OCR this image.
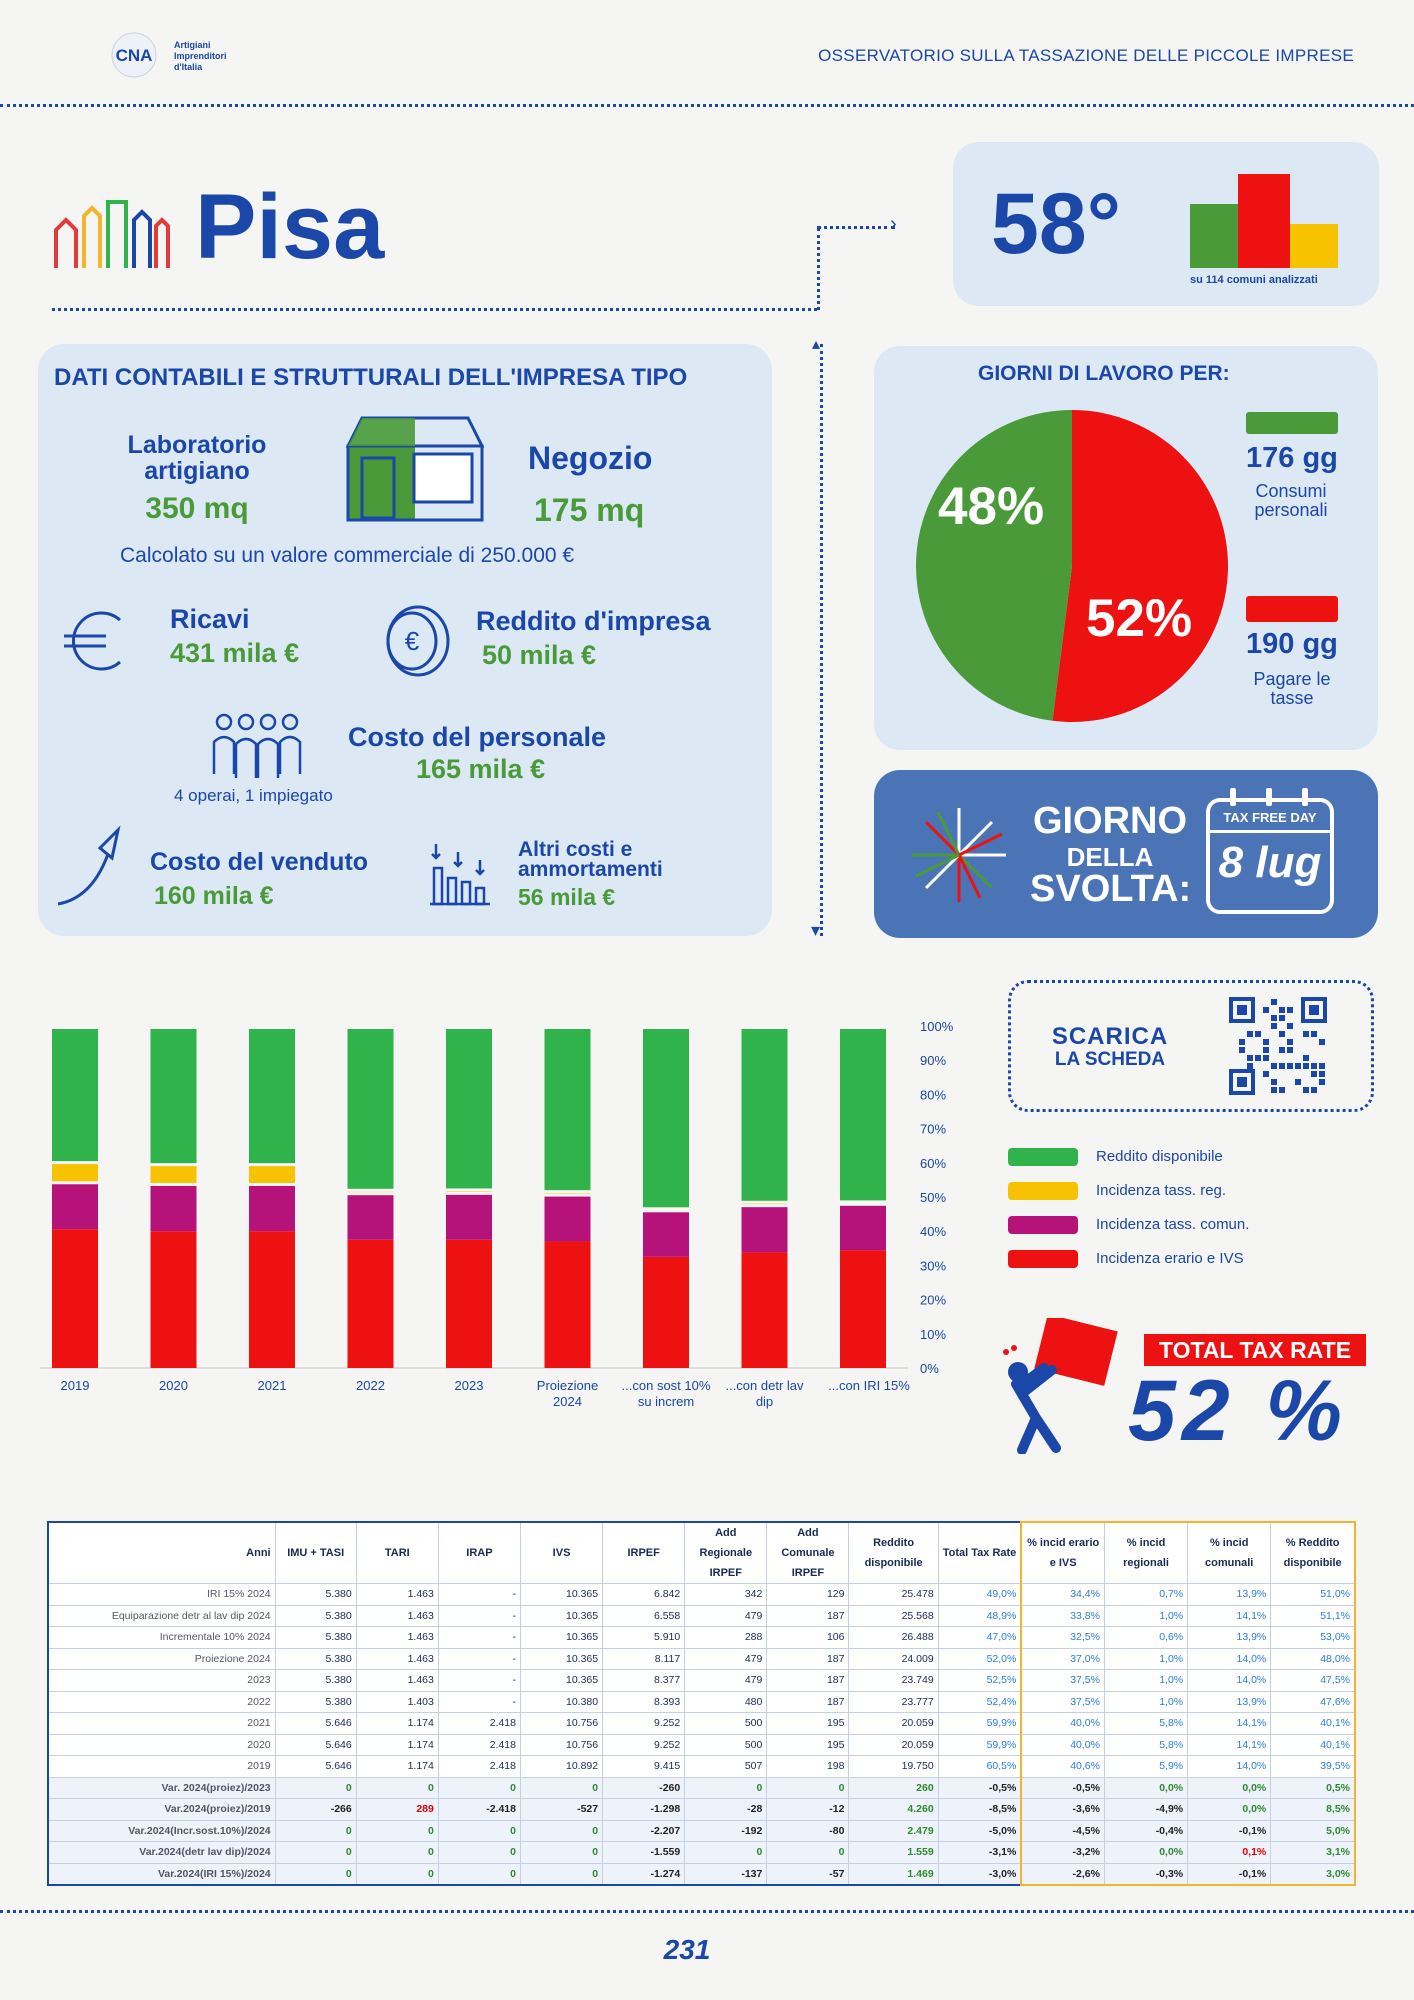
CNA
Artigiani
Imprenditori
d'Italia
OSSERVATORIO SULLA TASSAZIONE DELLE PICCOLE IMPRESE
Pisa	› 58°
su 114 comuni analizzati
▾
▴
DATI CONTABILI E STRUTTURALI DELL'IMPRESA TIPO
Laboratorio artigiano
350 mq
Negozio
175 mq
Calcolato su un valore commerciale di 250.000 €
Ricavi
431 mila €	€
Reddito d'impresa
50 mila €
4 operai, 1 impiegato
Costo del personale
165 mila €
Costo del venduto
160 mila €
Altri costi e ammortamenti
56 mila €
GIORNI DI LAVORO PER:
48%
52%
176 gg
Consumi personali
190 gg
Pagare le tasse
GIORNO
DELLA
SVOLTA:
TAX FREE DAY
8 lug
2019	2020	2021	2022	2023	Proiezione
2024
...con sost 10%
su increm
...con detr lav
dip
...con IRI 15%
100%
90%
80%
70%
60%
50%
40%
30%
20%
10%
0%
SCARICA
LA SCHEDA
Reddito disponibile
Incidenza tass. reg.
Incidenza tass. comun.
Incidenza erario e IVS
TOTAL TAX RATE
52 %
Anni	IMU + TASI	TARI	IRAP	IVS	IRPEF	Add Regionale IRPEF	Add Comunale IRPEF	Reddito disponibile	Total Tax Rate	% incid erario e IVS	% incid regionali	% incid comunali	% Reddito disponibile
IRI 15% 2024	5.380	1.463	-	10.365	6.842	342	129	25.478	49,0%	34,4%	0,7%	13,9%	51,0%
Equiparazione detr al lav dip 2024	5.380	1.463	-	10.365	6.558	479	187	25.568	48,9%	33,8%	1,0%	14,1%	51,1%
Incrementale 10% 2024	5.380	1.463	-	10.365	5.910	288	106	26.488	47,0%	32,5%	0,6%	13,9%	53,0%
Proiezione 2024	5.380	1.463	-	10.365	8.117	479	187	24.009	52,0%	37,0%	1,0%	14,0%	48,0%
2023	5.380	1.463	-	10.365	8.377	479	187	23.749	52,5%	37,5%	1,0%	14,0%	47,5%
2022	5.380	1.403	-	10.380	8.393	480	187	23.777	52,4%	37,5%	1,0%	13,9%	47,6%
2021	5.646	1.174	2.418	10.756	9.252	500	195	20.059	59,9%	40,0%	5,8%	14,1%	40,1%
2020	5.646	1.174	2.418	10.756	9.252	500	195	20.059	59,9%	40,0%	5,8%	14,1%	40,1%
2019	5.646	1.174	2.418	10.892	9.415	507	198	19.750	60,5%	40,6%	5,9%	14,0%	39,5%
Var. 2024(proiez)/2023	0	0	0	0	-260	0	0	260	-0,5%	-0,5%	0,0%	0,0%	0,5%
Var.2024(proiez)/2019	-266	289	-2.418	-527	-1.298	-28	-12	4.260	-8,5%	-3,6%	-4,9%	0,0%	8,5%
Var.2024(Incr.sost.10%)/2024	0	0	0	0	-2.207	-192	-80	2.479	-5,0%	-4,5%	-0,4%	-0,1%	5,0%
Var.2024(detr lav dip)/2024	0	0	0	0	-1.559	0	0	1.559	-3,1%	-3,2%	0,0%	0,1%	3,1%
Var.2024(IRI 15%)/2024	0	0	0	0	-1.274	-137	-57	1.469	-3,0%	-2,6%	-0,3%	-0,1%	3,0%
231
